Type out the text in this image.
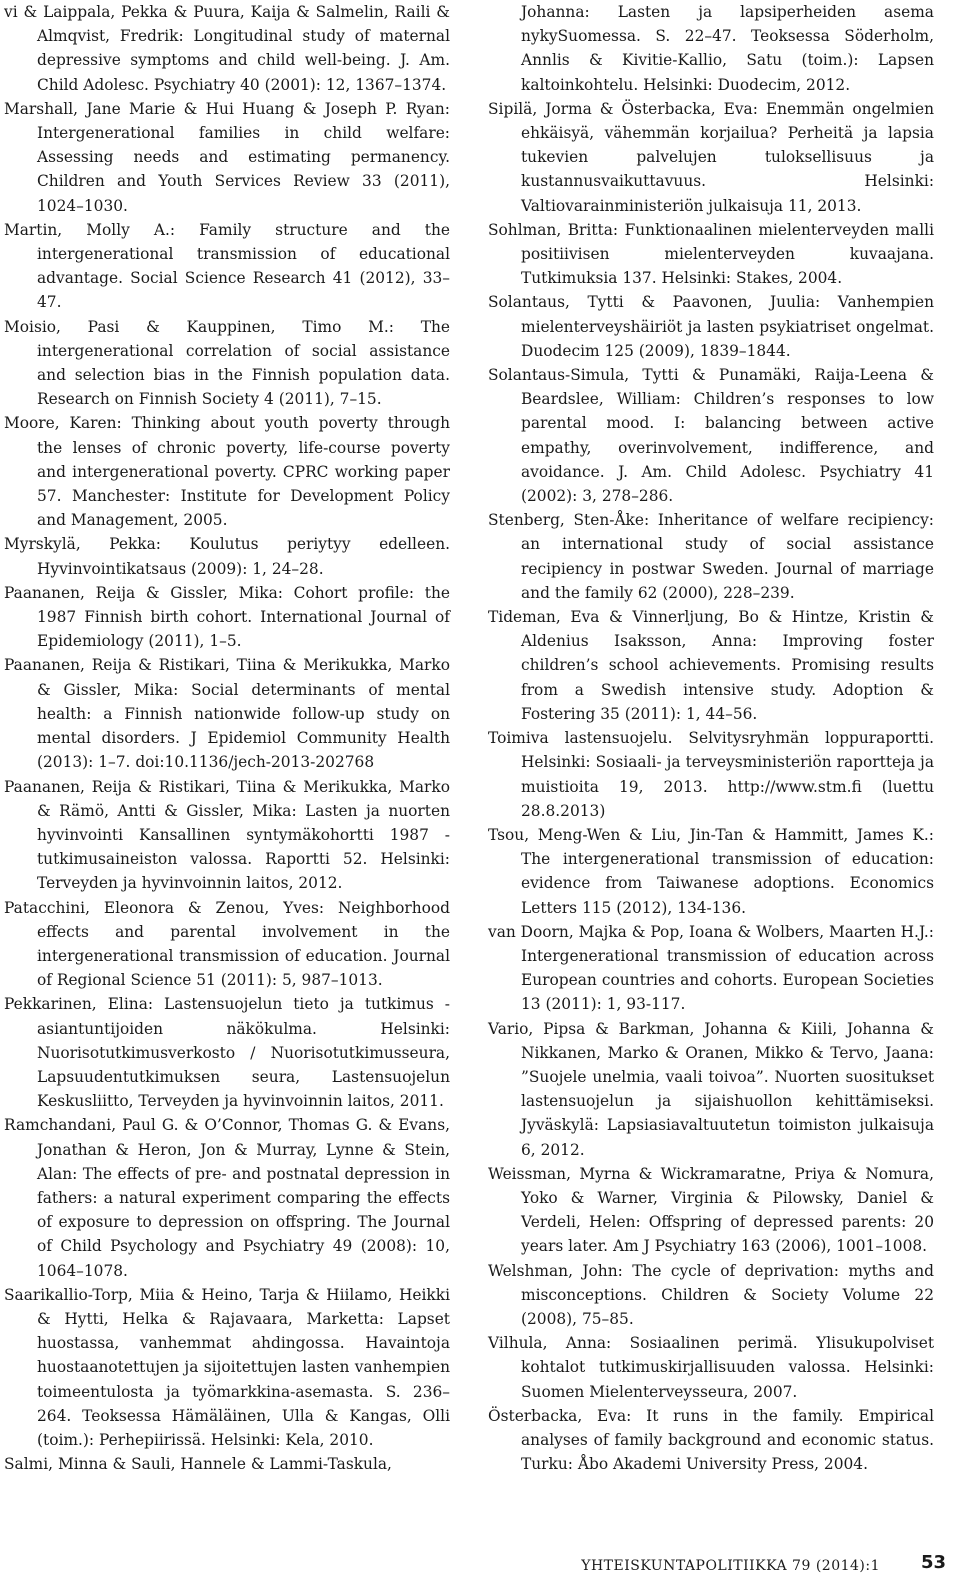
vi & Laippala, Pekka & Puura, Kaija & Salmelin, Raili & Almqvist, Fredrik: Longitudinal study of maternal depressive symptoms and child well-being. J. Am. Child Adolesc. Psychiatry 40 (2001): 12, 1367–1374.
Marshall, Jane Marie & Hui Huang & Joseph P. Ryan: Intergenerational families in child welfare: Assessing needs and estimating permanency. Children and Youth Services Review 33 (2011), 1024–1030.
Martin, Molly A.: Family structure and the intergenerational transmission of educational advantage. Social Science Research 41 (2012), 33–47.
Moisio, Pasi & Kauppinen, Timo M.: The intergenerational correlation of social assistance and selection bias in the Finnish population data. Research on Finnish Society 4 (2011), 7–15.
Moore, Karen: Thinking about youth poverty through the lenses of chronic poverty, life-course poverty and intergenerational poverty. CPRC working paper 57. Manchester: Institute for Development Policy and Management, 2005.
Myrskylä, Pekka: Koulutus periytyy edelleen. Hyvinvointikatsaus (2009): 1, 24–28.
Paananen, Reija & Gissler, Mika: Cohort profile: the 1987 Finnish birth cohort. International Journal of Epidemiology (2011), 1–5.
Paananen, Reija & Ristikari, Tiina & Merikukka, Marko & Gissler, Mika: Social determinants of mental health: a Finnish nationwide follow-up study on mental disorders. J Epidemiol Community Health (2013): 1–7. doi:10.1136/jech-2013-202768
Paananen, Reija & Ristikari, Tiina & Merikukka, Marko & Rämö, Antti & Gissler, Mika: Lasten ja nuorten hyvinvointi Kansallinen syntymäkohortti 1987 -tutkimusaineiston valossa. Raportti 52. Helsinki: Terveyden ja hyvinvoinnin laitos, 2012.
Patacchini, Eleonora & Zenou, Yves: Neighborhood effects and parental involvement in the intergenerational transmission of education. Journal of Regional Science 51 (2011): 5, 987–1013.
Pekkarinen, Elina: Lastensuojelun tieto ja tutkimus -asiantuntijoiden näkökulma. Helsinki: Nuorisotutkimusverkosto / Nuorisotutkimusseura, Lapsuudentutkimuksen seura, Lastensuojelun Keskusliitto, Terveyden ja hyvinvoinnin laitos, 2011.
Ramchandani, Paul G. & O’Connor, Thomas G. & Evans, Jonathan & Heron, Jon & Murray, Lynne & Stein, Alan: The effects of pre- and postnatal depression in fathers: a natural experiment comparing the effects of exposure to depression on offspring. The Journal of Child Psychology and Psychiatry 49 (2008): 10, 1064–1078.
Saarikallio-Torp, Miia & Heino, Tarja & Hiilamo, Heikki & Hytti, Helka & Rajavaara, Marketta: Lapset huostassa, vanhemmat ahdingossa. Havaintoja huostaanotettujen ja sijoitettujen lasten vanhempien toimeentulosta ja työmarkkina-asemasta. S. 236–264. Teoksessa Hämäläinen, Ulla & Kangas, Olli (toim.): Perhepiirissä. Helsinki: Kela, 2010.
Salmi, Minna & Sauli, Hannele & Lammi-Taskula,
Johanna: Lasten ja lapsiperheiden asema nykySuomessa. S. 22–47. Teoksessa Söderholm, Annlis & Kivitie-Kallio, Satu (toim.): Lapsen kaltoinkohtelu. Helsinki: Duodecim, 2012.
Sipilä, Jorma & Österbacka, Eva: Enemmän ongelmien ehkäisyä, vähemmän korjailua? Perheitä ja lapsia tukevien palvelujen tuloksellisuus ja kustannusvaikuttavuus. Helsinki: Valtiovarainministeriön julkaisuja 11, 2013.
Sohlman, Britta: Funktionaalinen mielenterveyden malli positiivisen mielenterveyden kuvaajana. Tutkimuksia 137. Helsinki: Stakes, 2004.
Solantaus, Tytti & Paavonen, Juulia: Vanhempien mielenterveyshäiriöt ja lasten psykiatriset ongelmat. Duodecim 125 (2009), 1839–1844.
Solantaus-Simula, Tytti & Punamäki, Raija-Leena & Beardslee, William: Children’s responses to low parental mood. I: balancing between active empathy, overinvolvement, indifference, and avoidance. J. Am. Child Adolesc. Psychiatry 41 (2002): 3, 278–286.
Stenberg, Sten-Åke: Inheritance of welfare recipiency: an international study of social assistance recipiency in postwar Sweden. Journal of marriage and the family 62 (2000), 228–239.
Tideman, Eva & Vinnerljung, Bo & Hintze, Kristin & Aldenius Isaksson, Anna: Improving foster children’s school achievements. Promising results from a Swedish intensive study. Adoption & Fostering 35 (2011): 1, 44–56.
Toimiva lastensuojelu. Selvitysryhmän loppuraportti. Helsinki: Sosiaali- ja terveysministeriön raportteja ja muistioita 19, 2013. http://www.stm.fi (luettu 28.8.2013)
Tsou, Meng-Wen & Liu, Jin-Tan & Hammitt, James K.: The intergenerational transmission of education: evidence from Taiwanese adoptions. Economics Letters 115 (2012), 134-136.
van Doorn, Majka & Pop, Ioana & Wolbers, Maarten H.J.: Intergenerational transmission of education across European countries and cohorts. European Societies 13 (2011): 1, 93-117.
Vario, Pipsa & Barkman, Johanna & Kiili, Johanna & Nikkanen, Marko & Oranen, Mikko & Tervo, Jaana: ”Suojele unelmia, vaali toivoa”. Nuorten suositukset lastensuojelun ja sijaishuollon kehittämiseksi. Jyväskylä: Lapsiasiavaltuutetun toimiston julkaisuja 6, 2012.
Weissman, Myrna & Wickramaratne, Priya & Nomura, Yoko & Warner, Virginia & Pilowsky, Daniel & Verdeli, Helen: Offspring of depressed parents: 20 years later. Am J Psychiatry 163 (2006), 1001–1008.
Welshman, John: The cycle of deprivation: myths and misconceptions. Children & Society Volume 22 (2008), 75–85.
Vilhula, Anna: Sosiaalinen perimä. Ylisukupolviset kohtalot tutkimuskirjallisuuden valossa. Helsinki: Suomen Mielenterveysseura, 2007.
Österbacka, Eva: It runs in the family. Empirical analyses of family background and economic status. Turku: Åbo Akademi University Press, 2004.
YHTEISKUNTAPOLITIIKKA 79 (2014):1 53
